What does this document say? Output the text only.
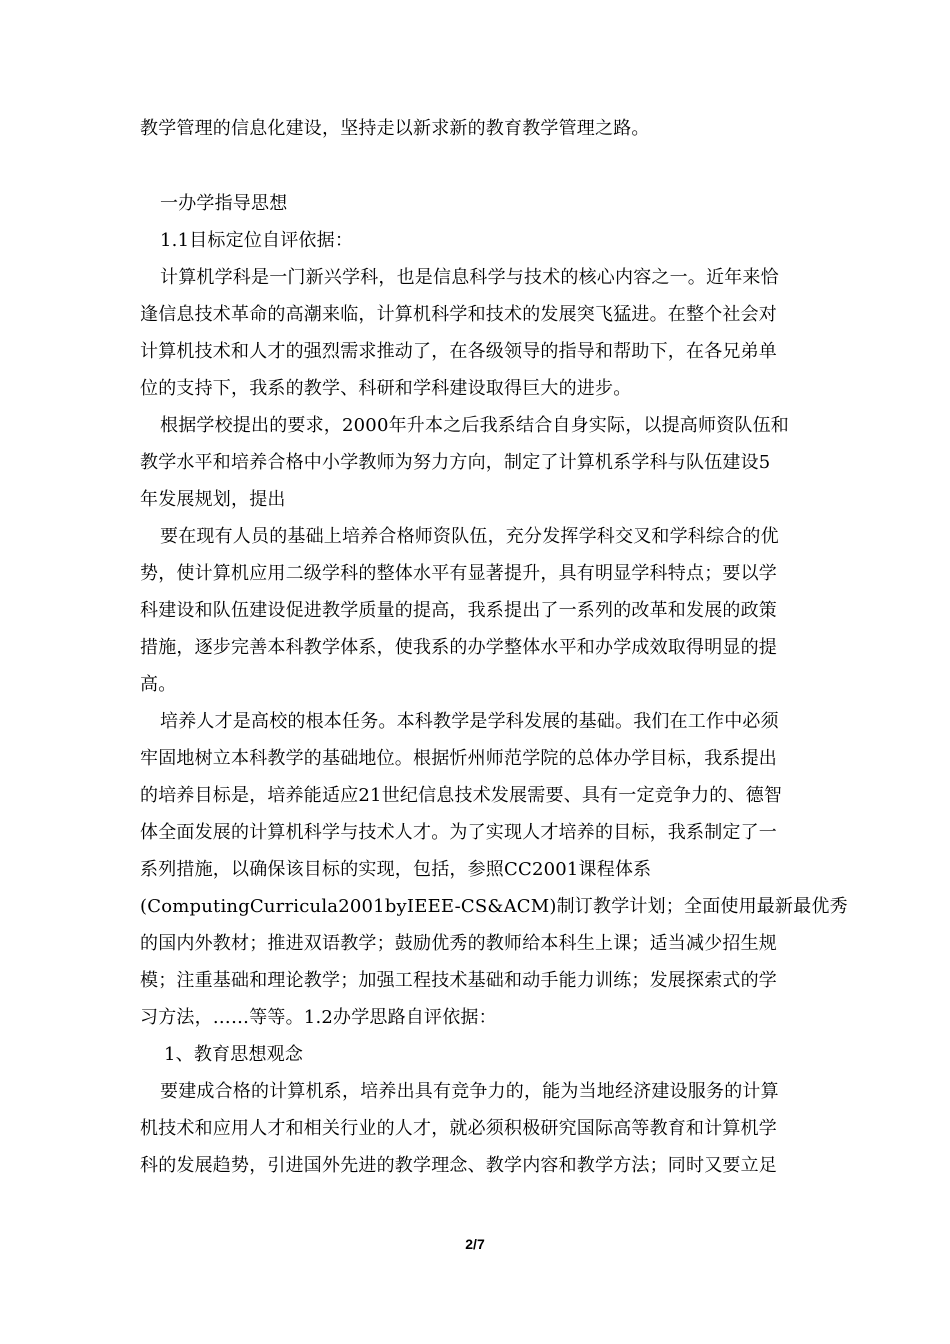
教学管理的信息化建设，坚持走以新求新的教育教学管理之路。
一办学指导思想
1.1目标定位自评依据：
计算机学科是一门新兴学科，也是信息科学与技术的核心内容之一。近年来恰
逢信息技术革命的高潮来临，计算机科学和技术的发展突飞猛进。在整个社会对
计算机技术和人才的强烈需求推动了，在各级领导的指导和帮助下，在各兄弟单
位的支持下，我系的教学、科研和学科建设取得巨大的进步。
根据学校提出的要求，2000年升本之后我系结合自身实际，以提高师资队伍和
教学水平和培养合格中小学教师为努力方向，制定了计算机系学科与队伍建设5
年发展规划，提出
要在现有人员的基础上培养合格师资队伍，充分发挥学科交叉和学科综合的优
势，使计算机应用二级学科的整体水平有显著提升，具有明显学科特点；要以学
科建设和队伍建设促进教学质量的提高，我系提出了一系列的改革和发展的政策
措施，逐步完善本科教学体系，使我系的办学整体水平和办学成效取得明显的提
高。
培养人才是高校的根本任务。本科教学是学科发展的基础。我们在工作中必须
牢固地树立本科教学的基础地位。根据忻州师范学院的总体办学目标，我系提出
的培养目标是，培养能适应21世纪信息技术发展需要、具有一定竞争力的、德智
体全面发展的计算机科学与技术人才。为了实现人才培养的目标，我系制定了一
系列措施，以确保该目标的实现，包括，参照CC2001课程体系
(ComputingCurricula2001byIEEE-CS&ACM)制订教学计划；全面使用最新最优秀
的国内外教材；推进双语教学；鼓励优秀的教师给本科生上课；适当减少招生规
模；注重基础和理论教学；加强工程技术基础和动手能力训练；发展探索式的学
习方法，……等等。1.2办学思路自评依据：
1、教育思想观念
要建成合格的计算机系，培养出具有竞争力的，能为当地经济建设服务的计算
机技术和应用人才和相关行业的人才，就必须积极研究国际高等教育和计算机学
科的发展趋势，引进国外先进的教学理念、教学内容和教学方法；同时又要立足
2/7
